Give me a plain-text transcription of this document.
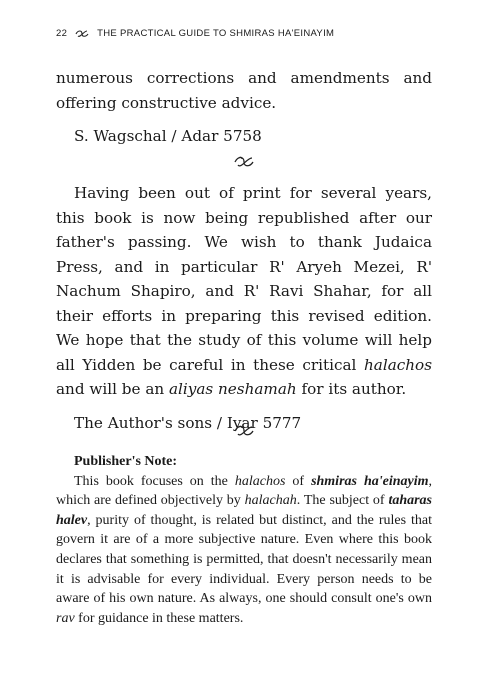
22	THE PRACTICAL GUIDE TO SHMIRAS HA'EINAYIM

numerous corrections and amendments and offering constructive advice.

S. Wagschal / Adar 5758

Having been out of print for several years, this book is now being republished after our father's passing. We wish to thank Judaica Press, and in particular R' Aryeh Mezei, R' Nachum Shapiro, and R' Ravi Shahar, for all their efforts in preparing this revised edition. We hope that the study of this volume will help all Yidden be careful in these critical halachos and will be an aliyas neshamah for its author.

The Author's sons / Iyar 5777

Publisher's Note:

This book focuses on the halachos of shmiras ha'einayim, which are defined objectively by halachah. The subject of taharas halev, purity of thought, is related but distinct, and the rules that govern it are of a more subjective nature. Even where this book declares that something is permitted, that doesn't necessarily mean it is advisable for every individual. Every person needs to be aware of his own nature. As always, one should consult one's own rav for guidance in these matters.
